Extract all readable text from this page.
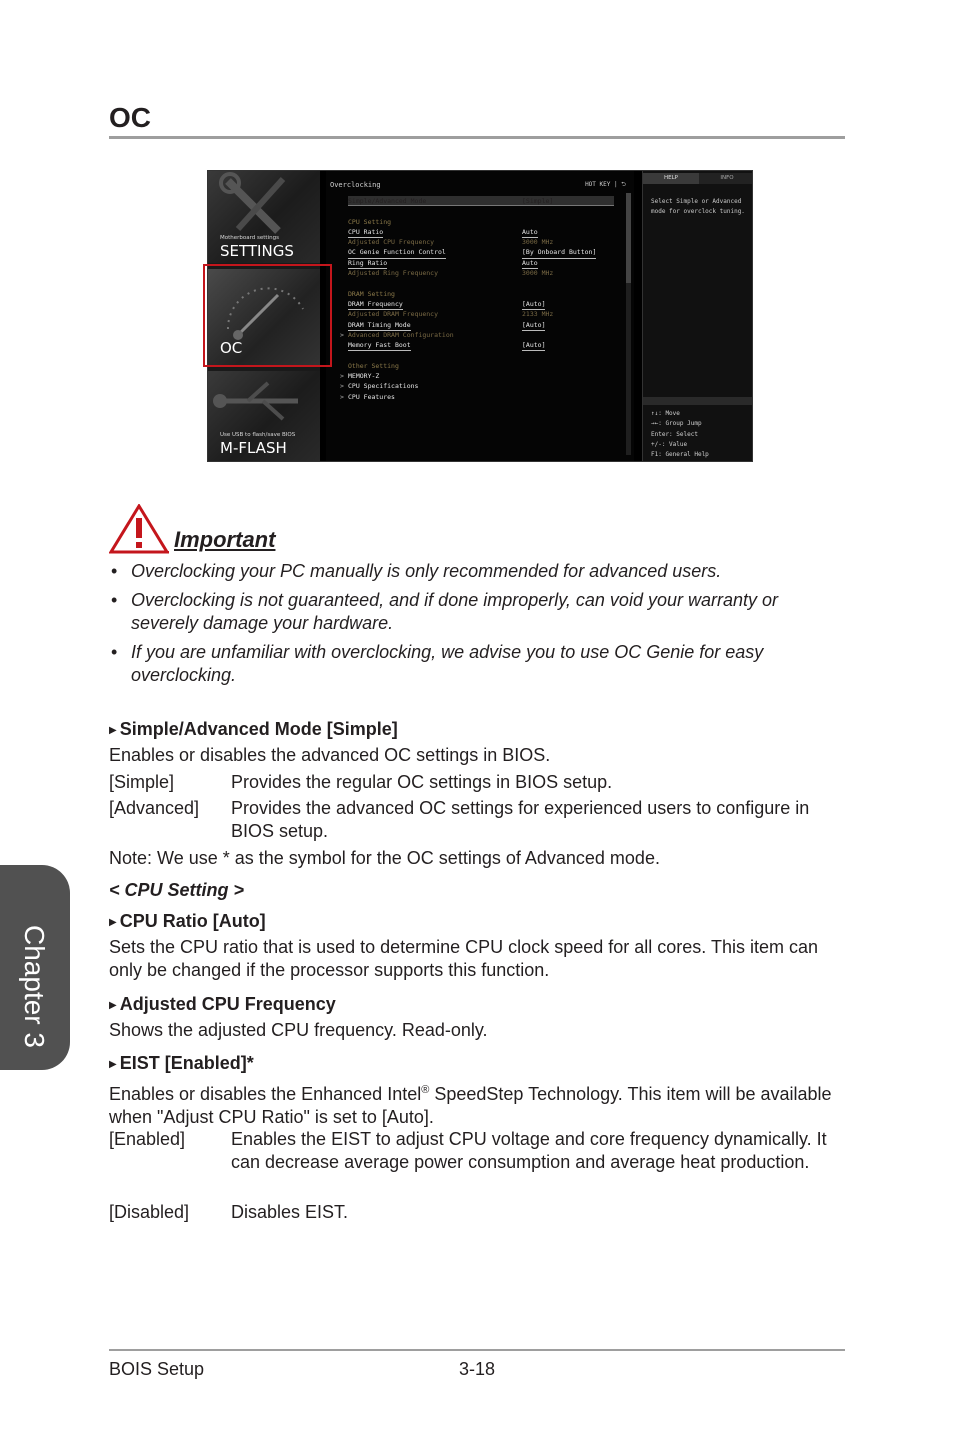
OC
Motherboard settings
SETTINGS
OC
Use USB to flash/save BIOS
M-FLASH
Overclocking	HOT KEY | ⮌
Simple/Advanced Mode	[Simple]
CPU Setting
CPU Ratio	Auto
Adjusted CPU Frequency	3000 MHz
OC Genie Function Control	[By Onboard Button]
Ring Ratio	Auto
Adjusted Ring Frequency	3000 MHz
DRAM Setting
DRAM Frequency	[Auto]
Adjusted DRAM Frequency	2133 MHz
DRAM Timing Mode	[Auto]
> Advanced DRAM Configuration
Memory Fast Boot	[Auto]
Other Setting
> MEMORY-Z
> CPU Specifications
> CPU Features
HELP	INFO
Select Simple or Advanced mode for overclock tuning.
↑↓: Move
→←: Group Jump
Enter: Select
+/-: Value
F1: General Help
Important
• Overclocking your PC manually is only recommended for advanced users.
• Overclocking is not guaranteed, and if done improperly, can void your warranty or severely damage your hardware.
• If you are unfamiliar with overclocking, we advise you to use OC Genie for easy overclocking.
▶ Simple/Advanced Mode [Simple]
Enables or disables the advanced OC settings in BIOS.
[Simple]	Provides the regular OC settings in BIOS setup.
[Advanced] Provides the advanced OC settings for experienced users to configure in BIOS setup.
Note: We use * as the symbol for the OC settings of Advanced mode.
< CPU Setting >
▶ CPU Ratio [Auto]
Sets the CPU ratio that is used to determine CPU clock speed for all cores. This item can only be changed if the processor supports this function.
▶ Adjusted CPU Frequency
Shows the adjusted CPU frequency. Read-only.
▶ EIST [Enabled]*
Enables or disables the Enhanced Intel® SpeedStep Technology. This item will be available when "Adjust CPU Ratio" is set to [Auto].
[Enabled]	Enables the EIST to adjust CPU voltage and core frequency dynamically. It can decrease average power consumption and average heat production.
[Disabled] Disables EIST.
Chapter 3
BOIS Setup	3-18
